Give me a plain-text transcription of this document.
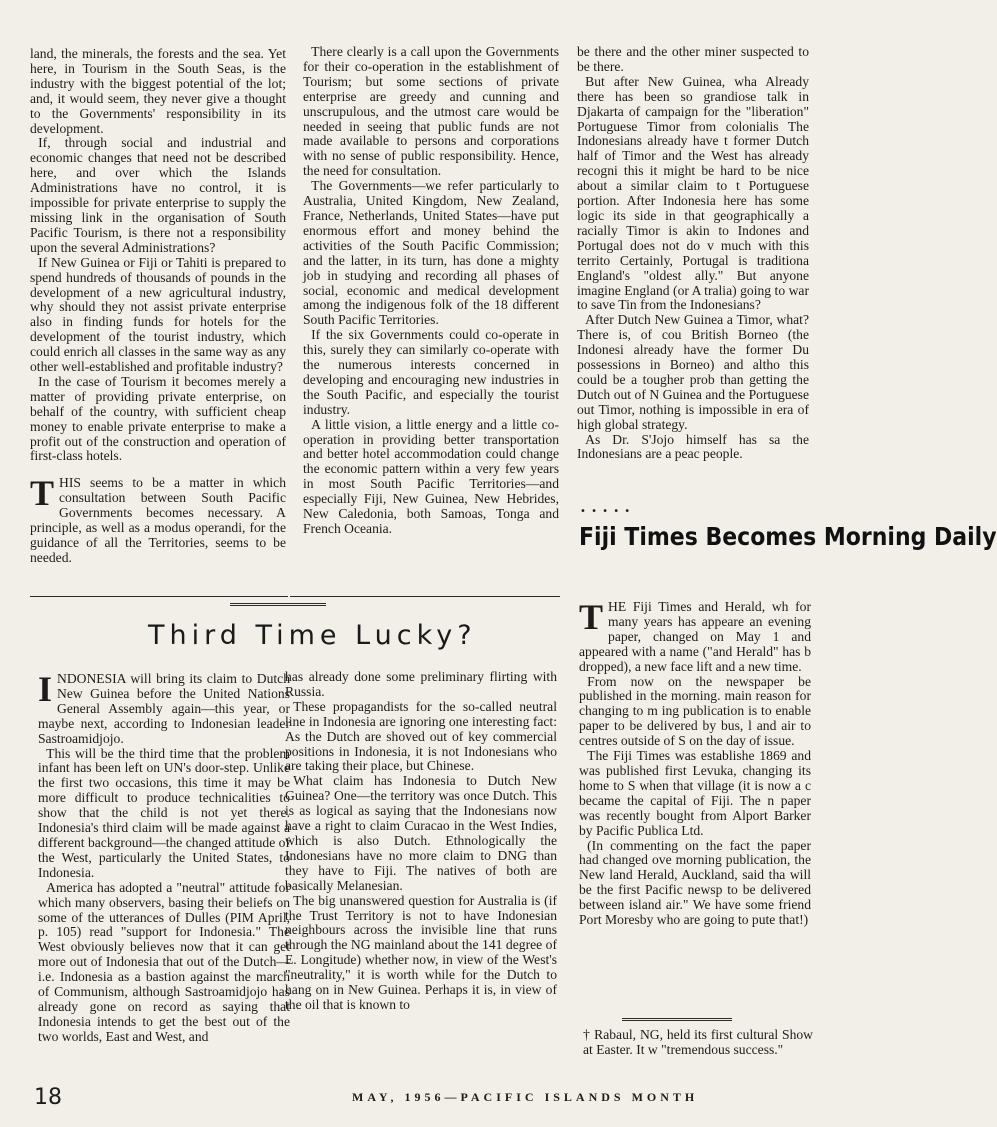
land, the minerals, the forests and the sea. Yet here, in Tourism in the South Seas, is the industry with the biggest potential of the lot; and, it would seem, they never give a thought to the Governments' responsibility in its development.

If, through social and industrial and economic changes that need not be described here, and over which the Islands Administrations have no control, it is impossible for private enterprise to supply the missing link in the organisation of South Pacific Tourism, is there not a responsibility upon the several Administrations?

If New Guinea or Fiji or Tahiti is prepared to spend hundreds of thousands of pounds in the development of a new agricultural industry, why should they not assist private enterprise also in finding funds for hotels for the development of the tourist industry, which could enrich all classes in the same way as any other well-established and profitable industry?

In the case of Tourism it becomes merely a matter of providing private enterprise, on behalf of the country, with sufficient cheap money to enable private enterprise to make a profit out of the construction and operation of first-class hotels.

THIS seems to be a matter in which consultation between South Pacific Governments becomes necessary. A principle, as well as a modus operandi, for the guidance of all the Territories, seems to be needed.

There clearly is a call upon the Governments for their co-operation in the establishment of Tourism; but some sections of private enterprise are greedy and cunning and unscrupulous, and the utmost care would be needed in seeing that public funds are not made available to persons and corporations with no sense of public responsibility. Hence, the need for consultation.

The Governments—we refer particularly to Australia, United Kingdom, New Zealand, France, Netherlands, United States—have put enormous effort and money behind the activities of the South Pacific Commission; and the latter, in its turn, has done a mighty job in studying and recording all phases of social, economic and medical development among the indigenous folk of the 18 different South Pacific Territories.

If the six Governments could co-operate in this, surely they can similarly co-operate with the numerous interests concerned in developing and encouraging new industries in the South Pacific, and especially the tourist industry.

A little vision, a little energy and a little co-operation in providing better transportation and better hotel accommodation could change the economic pattern within a very few years in most South Pacific Territories—and especially Fiji, New Guinea, New Hebrides, New Caledonia, both Samoas, Tonga and French Oceania.

be there and the other miner suspected to be there.

But after New Guinea, wha Already there has been so grandiose talk in Djakarta of campaign for the "liberation" Portuguese Timor from colonialis The Indonesians already have t former Dutch half of Timor and the West has already recogni this it might be hard to be nice about a similar claim to t Portuguese portion. After Indonesia here has some logic its side in that geographically a racially Timor is akin to Indones and Portugal does not do v much with this territo Certainly, Portugal is traditiona England's "oldest ally." But anyone imagine England (or A tralia) going to war to save Tin from the Indonesians?

After Dutch New Guinea a Timor, what? There is, of cou British Borneo (the Indonesi already have the former Du possessions in Borneo) and altho this could be a tougher prob than getting the Dutch out of N Guinea and the Portuguese out Timor, nothing is impossible in era of high global strategy.

As Dr. S'Jojo himself has sa the Indonesians are a peac people.

Third Time Lucky?
• • • • •
Fiji Times Becomes Morning Daily

INDONESIA will bring its claim to Dutch New Guinea before the United Nations General Assembly again—this year, or maybe next, according to Indonesian leader Sastroamidjojo.

This will be the third time that the problem infant has been left on UN's door-step. Unlike the first two occasions, this time it may be more difficult to produce technicalities to show that the child is not yet there. Indonesia's third claim will be made against a different background—the changed attitude of the West, particularly the United States, to Indonesia.

America has adopted a "neutral" attitude for which many observers, basing their beliefs on some of the utterances of Dulles (PIM April, p. 105) read "support for Indonesia." The West obviously believes now that it can get more out of Indonesia that out of the Dutch—i.e. Indonesia as a bastion against the march of Communism, although Sastroamidjojo has already gone on record as saying that Indonesia intends to get the best out of the two worlds, East and West, and

has already done some preliminary flirting with Russia.

These propagandists for the so-called neutral line in Indonesia are ignoring one interesting fact: As the Dutch are shoved out of key commercial positions in Indonesia, it is not Indonesians who are taking their place, but Chinese.

What claim has Indonesia to Dutch New Guinea? One—the territory was once Dutch. This is as logical as saying that the Indonesians now have a right to claim Curacao in the West Indies, which is also Dutch. Ethnologically the Indonesians have no more claim to DNG than they have to Fiji. The natives of both are basically Melanesian.

The big unanswered question for Australia is (if the Trust Territory is not to have Indonesian neighbours across the invisible line that runs through the NG mainland about the 141 degree of E. Longitude) whether now, in view of the West's "neutrality," it is worth while for the Dutch to hang on in New Guinea. Perhaps it is, in view of the oil that is known to

THE Fiji Times and Herald, wh for many years has appeare an evening paper, changed on May 1 and appeared with a name ("and Herald" has b dropped), a new face lift and a new time.

From now on the newspaper be published in the morning. main reason for changing to m ing publication is to enable paper to be delivered by bus, l and air to centres outside of S on the day of issue.

The Fiji Times was establishe 1869 and was published first Levuka, changing its home to S when that village (it is now a c became the capital of Fiji. The n paper was recently bought from Alport Barker by Pacific Publica Ltd.

(In commenting on the fact the paper had changed ove morning publication, the New land Herald, Auckland, said tha will be the first Pacific newsp to be delivered between island air." We have some friend Port Moresby who are going to pute that!)

† Rabaul, NG, held its first cultural Show at Easter. It w "tremendous success."

18	MAY, 1956—PACIFIC ISLANDS MONTH
